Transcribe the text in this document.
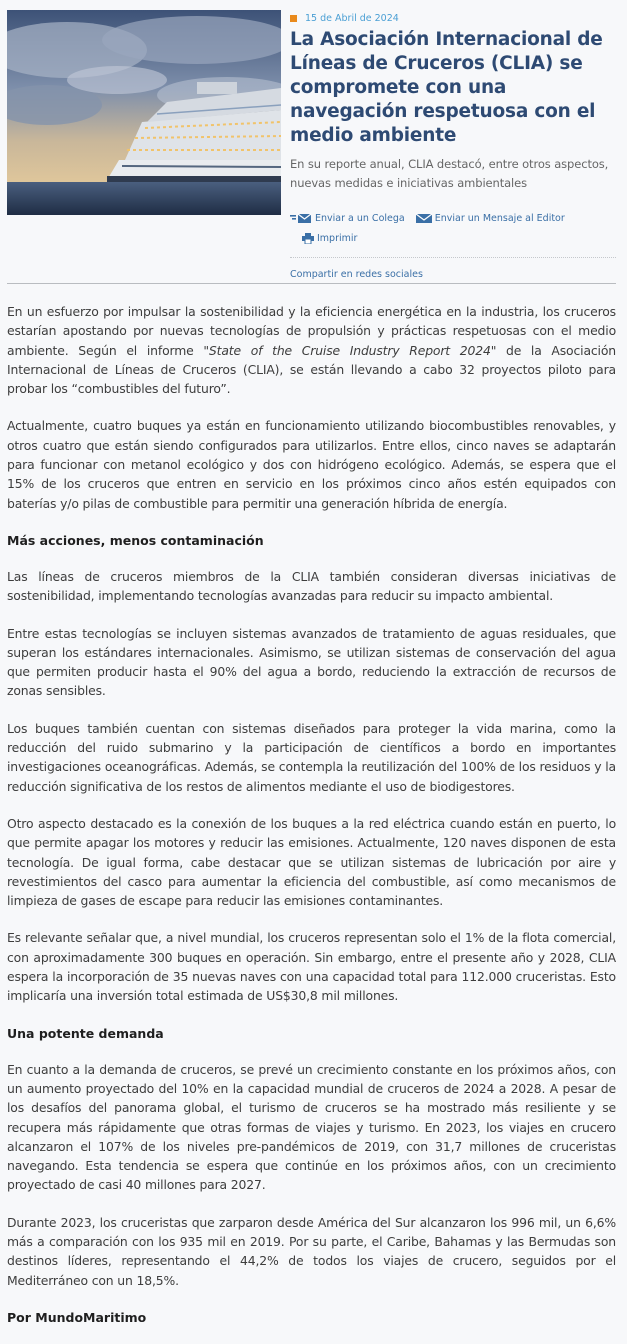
15 de Abril de 2024
La Asociación Internacional de Líneas de Cruceros (CLIA) se compromete con una navegación respetuosa con el medio ambiente
En su reporte anual, CLIA destacó, entre otros aspectos, nuevas medidas e iniciativas ambientales
Enviar a un Colega
	Enviar un Mensaje al Editor

Imprimir
Compartir en redes sociales

En un esfuerzo por impulsar la sostenibilidad y la eficiencia energética en la industria, los cruceros estarían apostando por nuevas tecnologías de propulsión y prácticas respetuosas con el medio ambiente. Según el informe "State of the Cruise Industry Report 2024" de la Asociación Internacional de Líneas de Cruceros (CLIA), se están llevando a cabo 32 proyectos piloto para probar los “combustibles del futuro”.

Actualmente, cuatro buques ya están en funcionamiento utilizando biocombustibles renovables, y otros cuatro que están siendo configurados para utilizarlos. Entre ellos, cinco naves se adaptarán para funcionar con metanol ecológico y dos con hidrógeno ecológico. Además, se espera que el 15% de los cruceros que entren en servicio en los próximos cinco años estén equipados con baterías y/o pilas de combustible para permitir una generación híbrida de energía.

Más acciones, menos contaminación

Las líneas de cruceros miembros de la CLIA también consideran diversas iniciativas de sostenibilidad, implementando tecnologías avanzadas para reducir su impacto ambiental.

Entre estas tecnologías se incluyen sistemas avanzados de tratamiento de aguas residuales, que superan los estándares internacionales. Asimismo, se utilizan sistemas de conservación del agua que permiten producir hasta el 90% del agua a bordo, reduciendo la extracción de recursos de zonas sensibles.

Los buques también cuentan con sistemas diseñados para proteger la vida marina, como la reducción del ruido submarino y la participación de científicos a bordo en importantes investigaciones oceanográficas. Además, se contempla la reutilización del 100% de los residuos y la reducción significativa de los restos de alimentos mediante el uso de biodigestores.

Otro aspecto destacado es la conexión de los buques a la red eléctrica cuando están en puerto, lo que permite apagar los motores y reducir las emisiones. Actualmente, 120 naves disponen de esta tecnología. De igual forma, cabe destacar que se utilizan sistemas de lubricación por aire y revestimientos del casco para aumentar la eficiencia del combustible, así como mecanismos de limpieza de gases de escape para reducir las emisiones contaminantes.

Es relevante señalar que, a nivel mundial, los cruceros representan solo el 1% de la flota comercial, con aproximadamente 300 buques en operación. Sin embargo, entre el presente año y 2028, CLIA espera la incorporación de 35 nuevas naves con una capacidad total para 112.000 cruceristas. Esto implicaría una inversión total estimada de US$30,8 mil millones.

Una potente demanda

En cuanto a la demanda de cruceros, se prevé un crecimiento constante en los próximos años, con un aumento proyectado del 10% en la capacidad mundial de cruceros de 2024 a 2028. A pesar de los desafíos del panorama global, el turismo de cruceros se ha mostrado más resiliente y se recupera más rápidamente que otras formas de viajes y turismo. En 2023, los viajes en crucero alcanzaron el 107% de los niveles pre-pandémicos de 2019, con 31,7 millones de cruceristas navegando. Esta tendencia se espera que continúe en los próximos años, con un crecimiento proyectado de casi 40 millones para 2027.

Durante 2023, los cruceristas que zarparon desde América del Sur alcanzaron los 996 mil, un 6,6% más a comparación con los 935 mil en 2019. Por su parte, el Caribe, Bahamas y las Bermudas son destinos líderes, representando el 44,2% de todos los viajes de crucero, seguidos por el Mediterráneo con un 18,5%.

Por MundoMaritimo
